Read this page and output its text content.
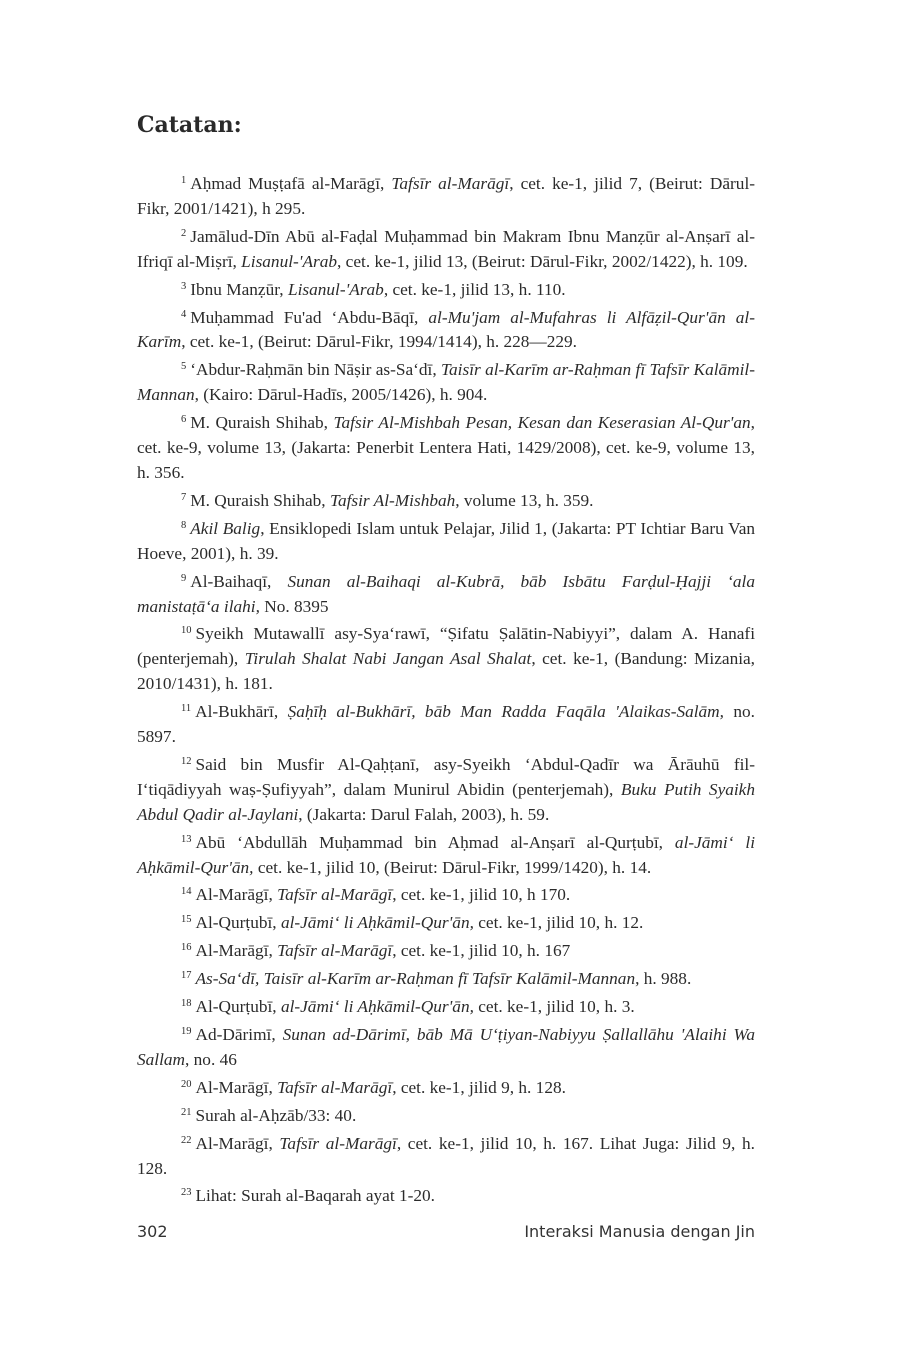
Catatan:

$^1$ Aḥmad Muṣṭafā al-Marāgī, Tafsīr al-Marāgī, cet. ke-1, jilid 7, (Beirut: Dārul-Fikr, 2001/1421), h 295.

$^2$ Jamālud-Dīn Abū al-Faḍal Muḥammad bin Makram Ibnu Manẓūr al-Anṣarī al-Ifriqī al-Miṣrī, Lisanul-'Arab, cet. ke-1, jilid 13, (Beirut: Dārul-Fikr, 2002/1422), h. 109.

$^3$ Ibnu Manẓūr, Lisanul-'Arab, cet. ke-1, jilid 13, h. 110.

$^4$ Muḥammad Fu'ad ‘Abdu-Bāqī, al-Mu'jam al-Mufahras li Alfāẓil-Qur'ān al-Karīm, cet. ke-1, (Beirut: Dārul-Fikr, 1994/1414), h. 228—229.

$^5$ ‘Abdur-Raḥmān bin Nāṣir as-Sa‘dī, Taisīr al-Karīm ar-Raḥman fī Tafsīr Kalāmil-Mannan, (Kairo: Dārul-Hadīs, 2005/1426), h. 904.

$^6$ M. Quraish Shihab, Tafsir Al-Mishbah Pesan, Kesan dan Keserasian Al-Qur'an, cet. ke-9, volume 13, (Jakarta: Penerbit Lentera Hati, 1429/2008), cet. ke-9, volume 13, h. 356.

$^7$ M. Quraish Shihab, Tafsir Al-Mishbah, volume 13, h. 359.

$^8$ Akil Balig, Ensiklopedi Islam untuk Pelajar, Jilid 1, (Jakarta: PT Ichtiar Baru Van Hoeve, 2001), h. 39.

$^9$ Al-Baihaqī, Sunan al-Baihaqi al-Kubrā, bāb Isbātu Farḍul-Ḥajji ‘ala manistaṭā‘a ilahi, No. 8395

$^{10}$ Syeikh Mutawallī asy-Sya‘rawī, “Ṣifatu Ṣalātin-Nabiyyi”, dalam A. Hanafi (penterjemah), Tirulah Shalat Nabi Jangan Asal Shalat, cet. ke-1, (Bandung: Mizania, 2010/1431), h. 181.

$^{11}$ Al-Bukhārī, Ṣaḥīḥ al-Bukhārī, bāb Man Radda Faqāla 'Alaikas-Salām, no. 5897.

$^{12}$ Said bin Musfir Al-Qaḥṭanī, asy-Syeikh ‘Abdul-Qadīr wa Ārāuhū fil-I‘tiqādiyyah waṣ-Ṣufiyyah”, dalam Munirul Abidin (penterjemah), Buku Putih Syaikh Abdul Qadir al-Jaylani, (Jakarta: Darul Falah, 2003), h. 59.

$^{13}$ Abū ‘Abdullāh Muḥammad bin Aḥmad al-Anṣarī al-Qurṭubī, al-Jāmi‘ li Aḥkāmil-Qur'ān, cet. ke-1, jilid 10, (Beirut: Dārul-Fikr, 1999/1420), h. 14.

$^{14}$ Al-Marāgī, Tafsīr al-Marāgī, cet. ke-1, jilid 10, h 170.

$^{15}$ Al-Qurṭubī, al-Jāmi‘ li Aḥkāmil-Qur'ān, cet. ke-1, jilid 10, h. 12.

$^{16}$ Al-Marāgī, Tafsīr al-Marāgī, cet. ke-1, jilid 10, h. 167

$^{17}$ As-Sa‘dī, Taisīr al-Karīm ar-Raḥman fī Tafsīr Kalāmil-Mannan, h. 988.

$^{18}$ Al-Qurṭubī, al-Jāmi‘ li Aḥkāmil-Qur'ān, cet. ke-1, jilid 10, h. 3.

$^{19}$ Ad-Dārimī, Sunan ad-Dārimī, bāb Mā U‘ṭiyan-Nabiyyu Ṣallallāhu 'Alaihi Wa Sallam, no. 46

$^{20}$ Al-Marāgī, Tafsīr al-Marāgī, cet. ke-1, jilid 9, h. 128.

$^{21}$ Surah al-Aḥzāb/33: 40.

$^{22}$ Al-Marāgī, Tafsīr al-Marāgī, cet. ke-1, jilid 10, h. 167. Lihat Juga: Jilid 9, h. 128.

$^{23}$ Lihat: Surah al-Baqarah ayat 1-20.

302	Interaksi Manusia dengan Jin
